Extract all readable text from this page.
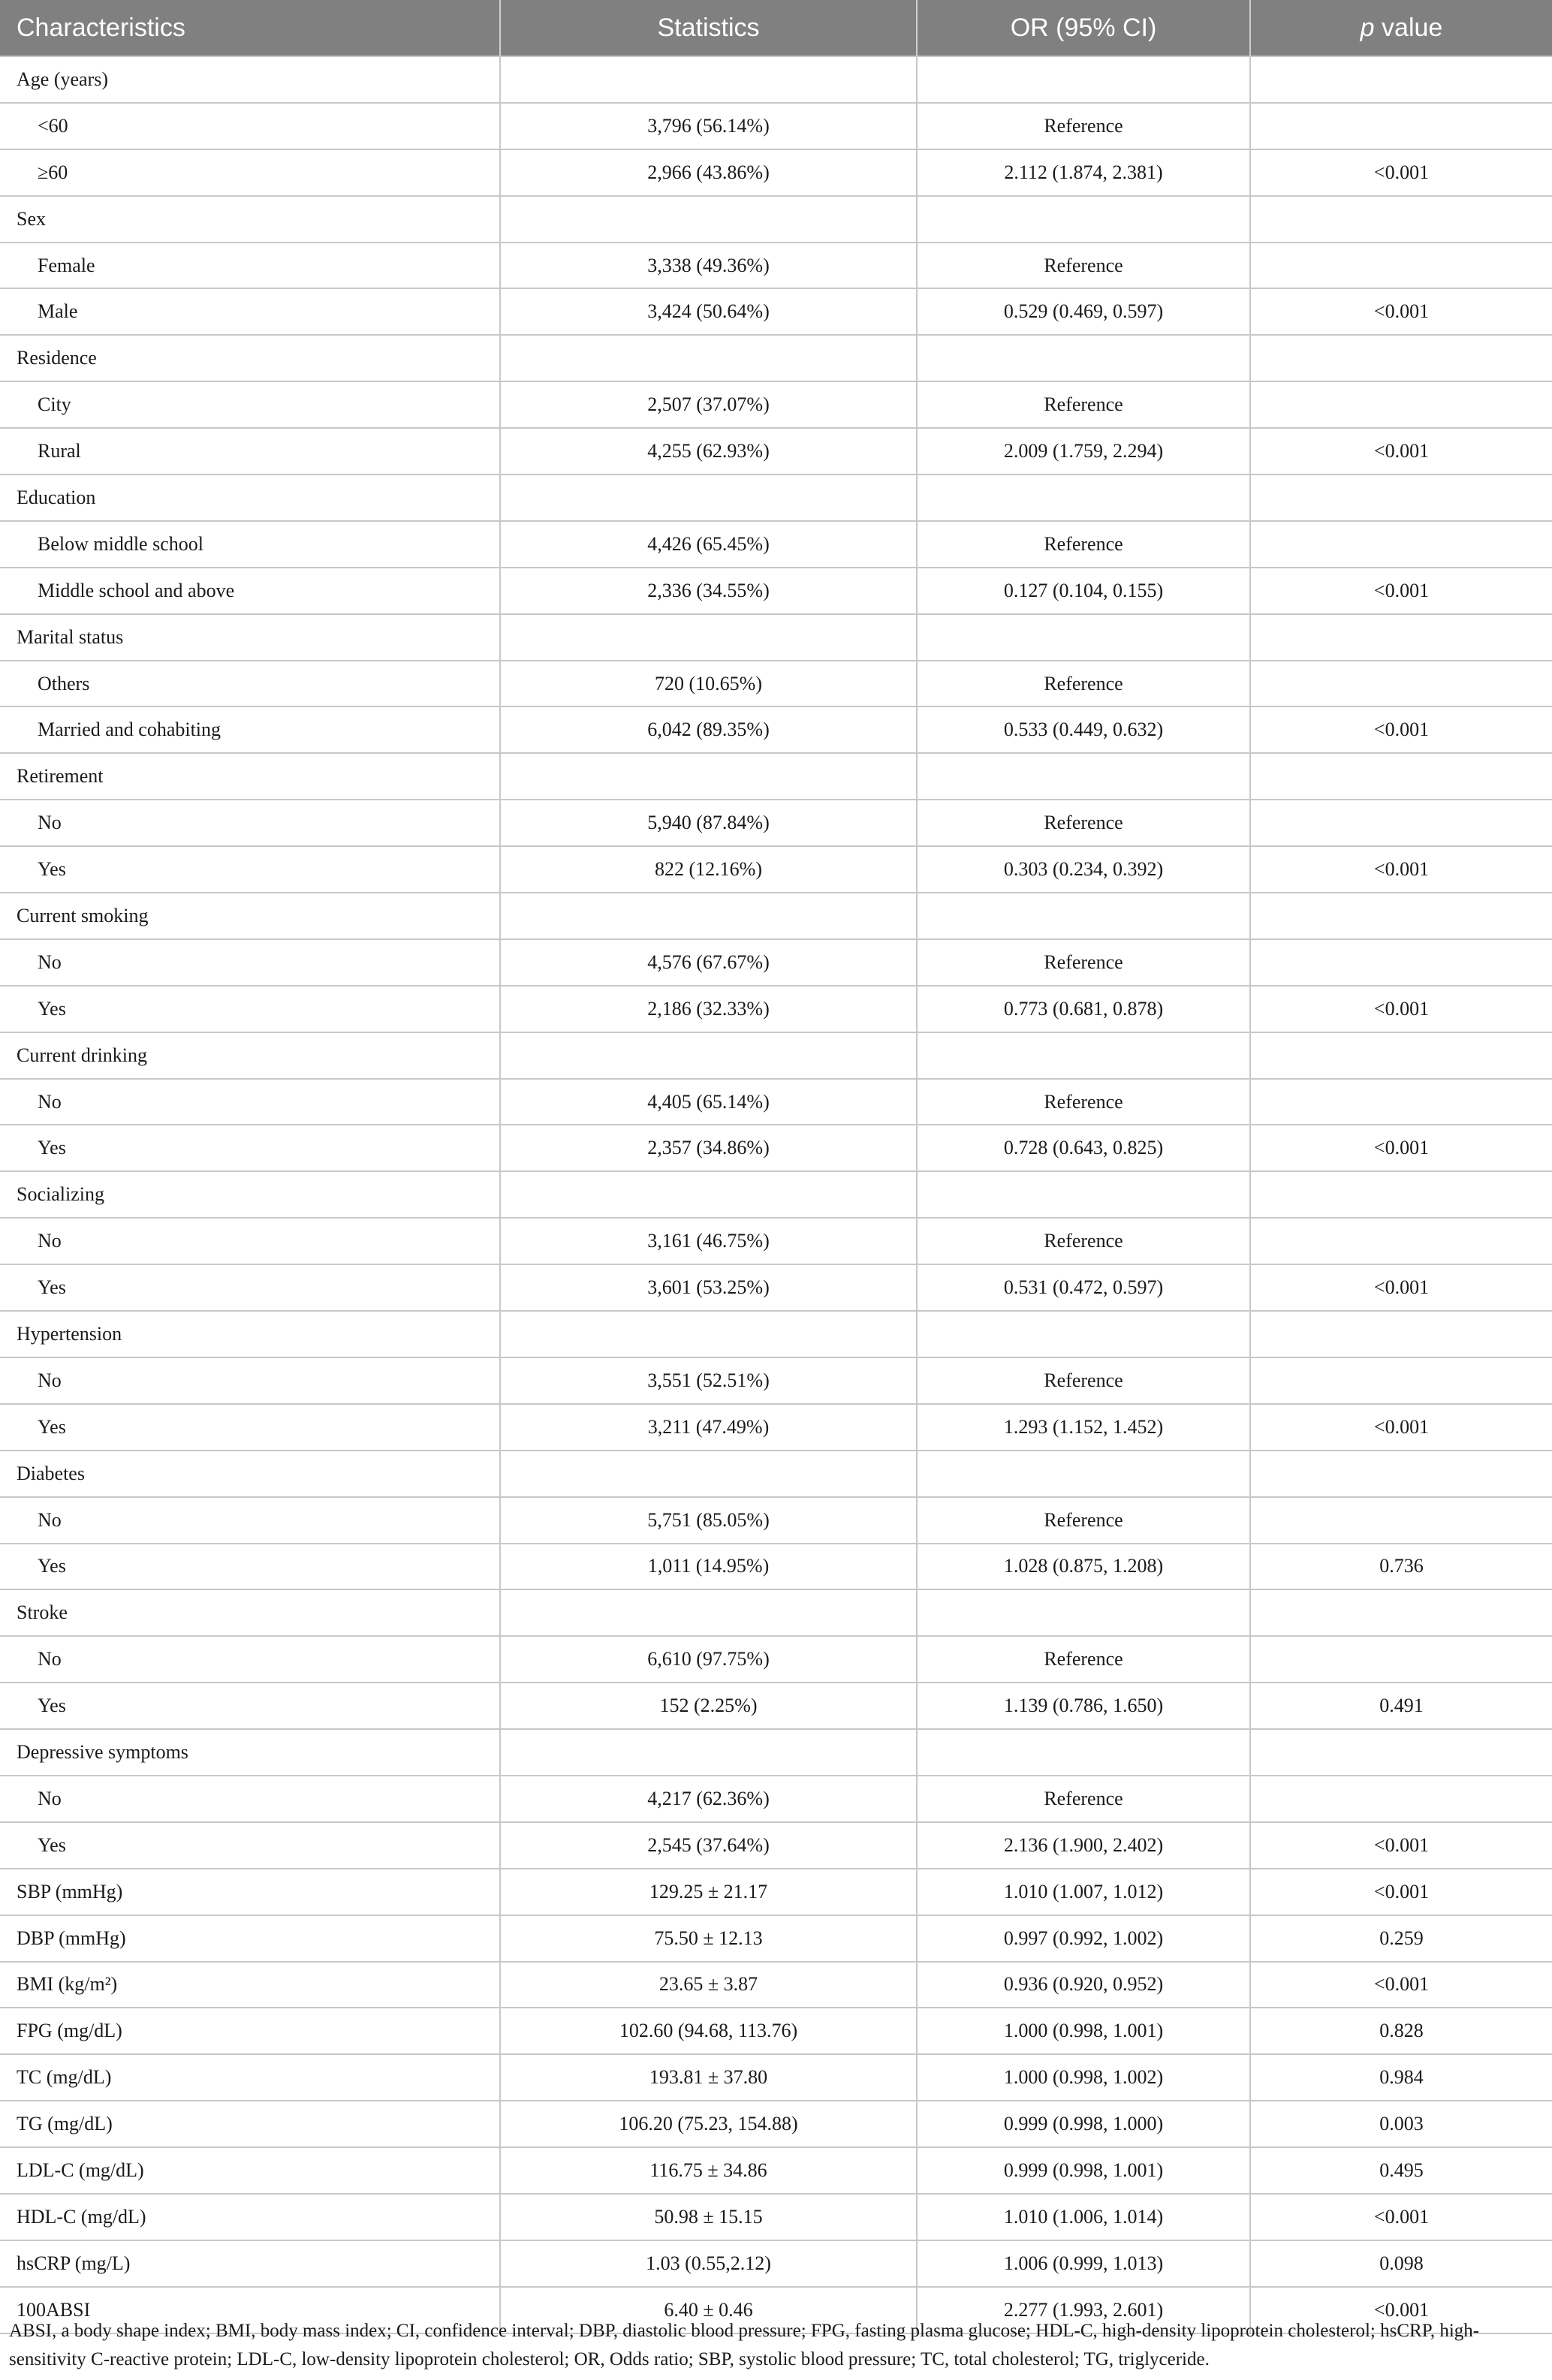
Characteristics	Statistics	OR (95% CI)	p value
Age (years)			
<60	3,796 (56.14%)	Reference	
≥60	2,966 (43.86%)	2.112 (1.874, 2.381)	<0.001
Sex			
Female	3,338 (49.36%)	Reference	
Male	3,424 (50.64%)	0.529 (0.469, 0.597)	<0.001
Residence			
City	2,507 (37.07%)	Reference	
Rural	4,255 (62.93%)	2.009 (1.759, 2.294)	<0.001
Education			
Below middle school	4,426 (65.45%)	Reference	
Middle school and above	2,336 (34.55%)	0.127 (0.104, 0.155)	<0.001
Marital status			
Others	720 (10.65%)	Reference	
Married and cohabiting	6,042 (89.35%)	0.533 (0.449, 0.632)	<0.001
Retirement			
No	5,940 (87.84%)	Reference	
Yes	822 (12.16%)	0.303 (0.234, 0.392)	<0.001
Current smoking			
No	4,576 (67.67%)	Reference	
Yes	2,186 (32.33%)	0.773 (0.681, 0.878)	<0.001
Current drinking			
No	4,405 (65.14%)	Reference	
Yes	2,357 (34.86%)	0.728 (0.643, 0.825)	<0.001
Socializing			
No	3,161 (46.75%)	Reference	
Yes	3,601 (53.25%)	0.531 (0.472, 0.597)	<0.001
Hypertension			
No	3,551 (52.51%)	Reference	
Yes	3,211 (47.49%)	1.293 (1.152, 1.452)	<0.001
Diabetes			
No	5,751 (85.05%)	Reference	
Yes	1,011 (14.95%)	1.028 (0.875, 1.208)	0.736
Stroke			
No	6,610 (97.75%)	Reference	
Yes	152 (2.25%)	1.139 (0.786, 1.650)	0.491
Depressive symptoms			
No	4,217 (62.36%)	Reference	
Yes	2,545 (37.64%)	2.136 (1.900, 2.402)	<0.001
SBP (mmHg)	129.25 ± 21.17	1.010 (1.007, 1.012)	<0.001
DBP (mmHg)	75.50 ± 12.13	0.997 (0.992, 1.002)	0.259
BMI (kg/m²)	23.65 ± 3.87	0.936 (0.920, 0.952)	<0.001
FPG (mg/dL)	102.60 (94.68, 113.76)	1.000 (0.998, 1.001)	0.828
TC (mg/dL)	193.81 ± 37.80	1.000 (0.998, 1.002)	0.984
TG (mg/dL)	106.20 (75.23, 154.88)	0.999 (0.998, 1.000)	0.003
LDL-C (mg/dL)	116.75 ± 34.86	0.999 (0.998, 1.001)	0.495
HDL-C (mg/dL)	50.98 ± 15.15	1.010 (1.006, 1.014)	<0.001
hsCRP (mg/L)	1.03 (0.55,2.12)	1.006 (0.999, 1.013)	0.098
100ABSI	6.40 ± 0.46	2.277 (1.993, 2.601)	<0.001
ABSI, a body shape index; BMI, body mass index; CI, confidence interval; DBP, diastolic blood pressure; FPG, fasting plasma glucose; HDL-C, high-density lipoprotein cholesterol; hsCRP, high-sensitivity C-reactive protein; LDL-C, low-density lipoprotein cholesterol; OR, Odds ratio; SBP, systolic blood pressure; TC, total cholesterol; TG, triglyceride.
